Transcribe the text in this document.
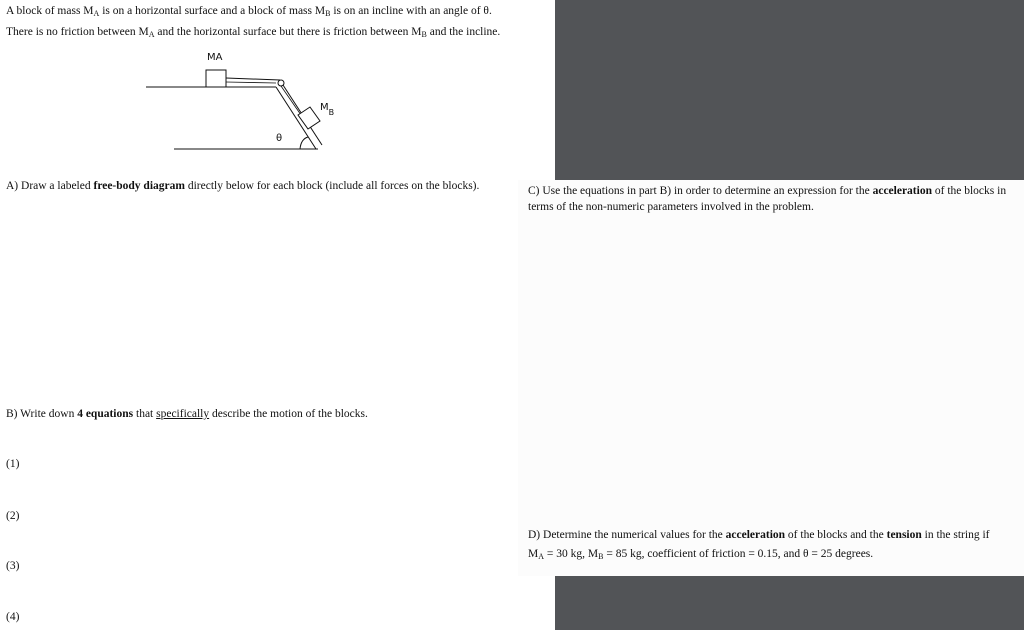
A block of mass MA is on a horizontal surface and a block of mass MB is on an incline with an angle of θ.
There is no friction between MA and the horizontal surface but there is friction between MB and the incline.
MA
$M_B$
θ
A) Draw a labeled free-body diagram directly below for each block (include all forces on the blocks).
B) Write down 4 equations that specifically describe the motion of the blocks.
(1)
(2)
(3)
(4)
C) Use the equations in part B) in order to determine an expression for the acceleration of the blocks in terms of the non-numeric parameters involved in the problem.
D) Determine the numerical values for the acceleration of the blocks and the tension in the string if
MA = 30 kg, MB = 85 kg, coefficient of friction = 0.15, and θ = 25 degrees.
